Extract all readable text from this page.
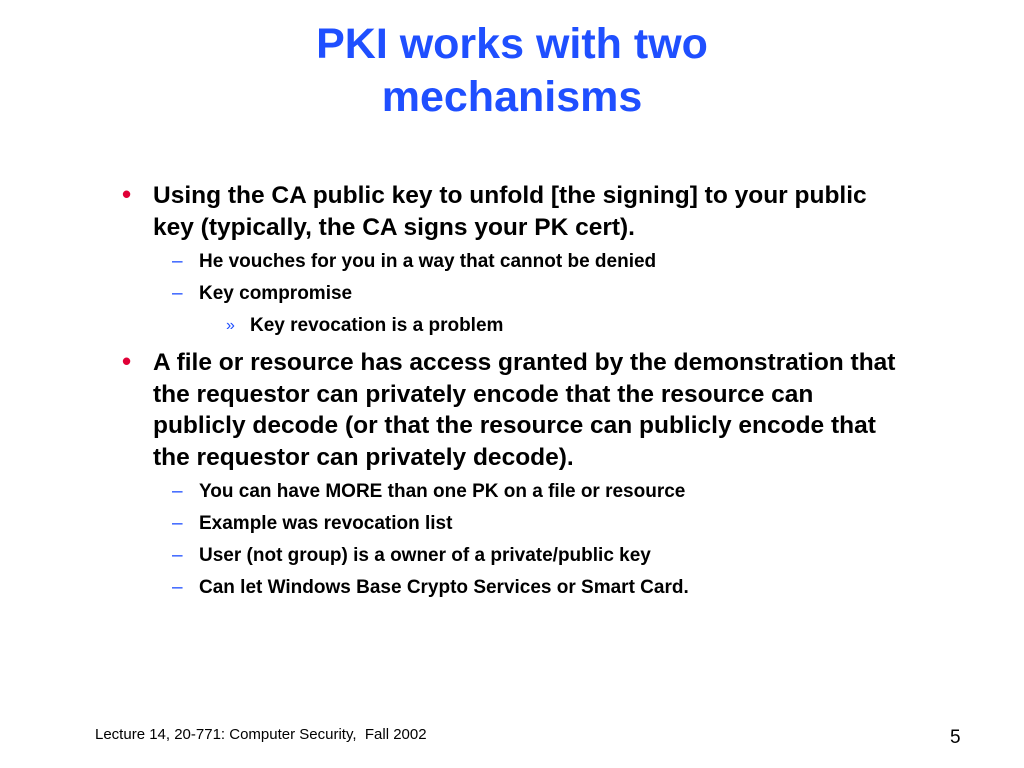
PKI works with two
mechanisms
• Using the CA public key to unfold [the signing] to your public key (typically, the CA signs your PK cert).
– He vouches for you in a way that cannot be denied
– Key compromise
» Key revocation is a problem
• A file or resource has access granted by the demonstration that the requestor can privately encode that the resource can publicly decode (or that the resource can publicly encode that the requestor can privately decode).
– You can have MORE than one PK on a file or resource
– Example was revocation list
– User (not group) is a owner of a private/public key
– Can let Windows Base Crypto Services or Smart Card.
Lecture 14, 20-771: Computer Security,  Fall 2002	5
